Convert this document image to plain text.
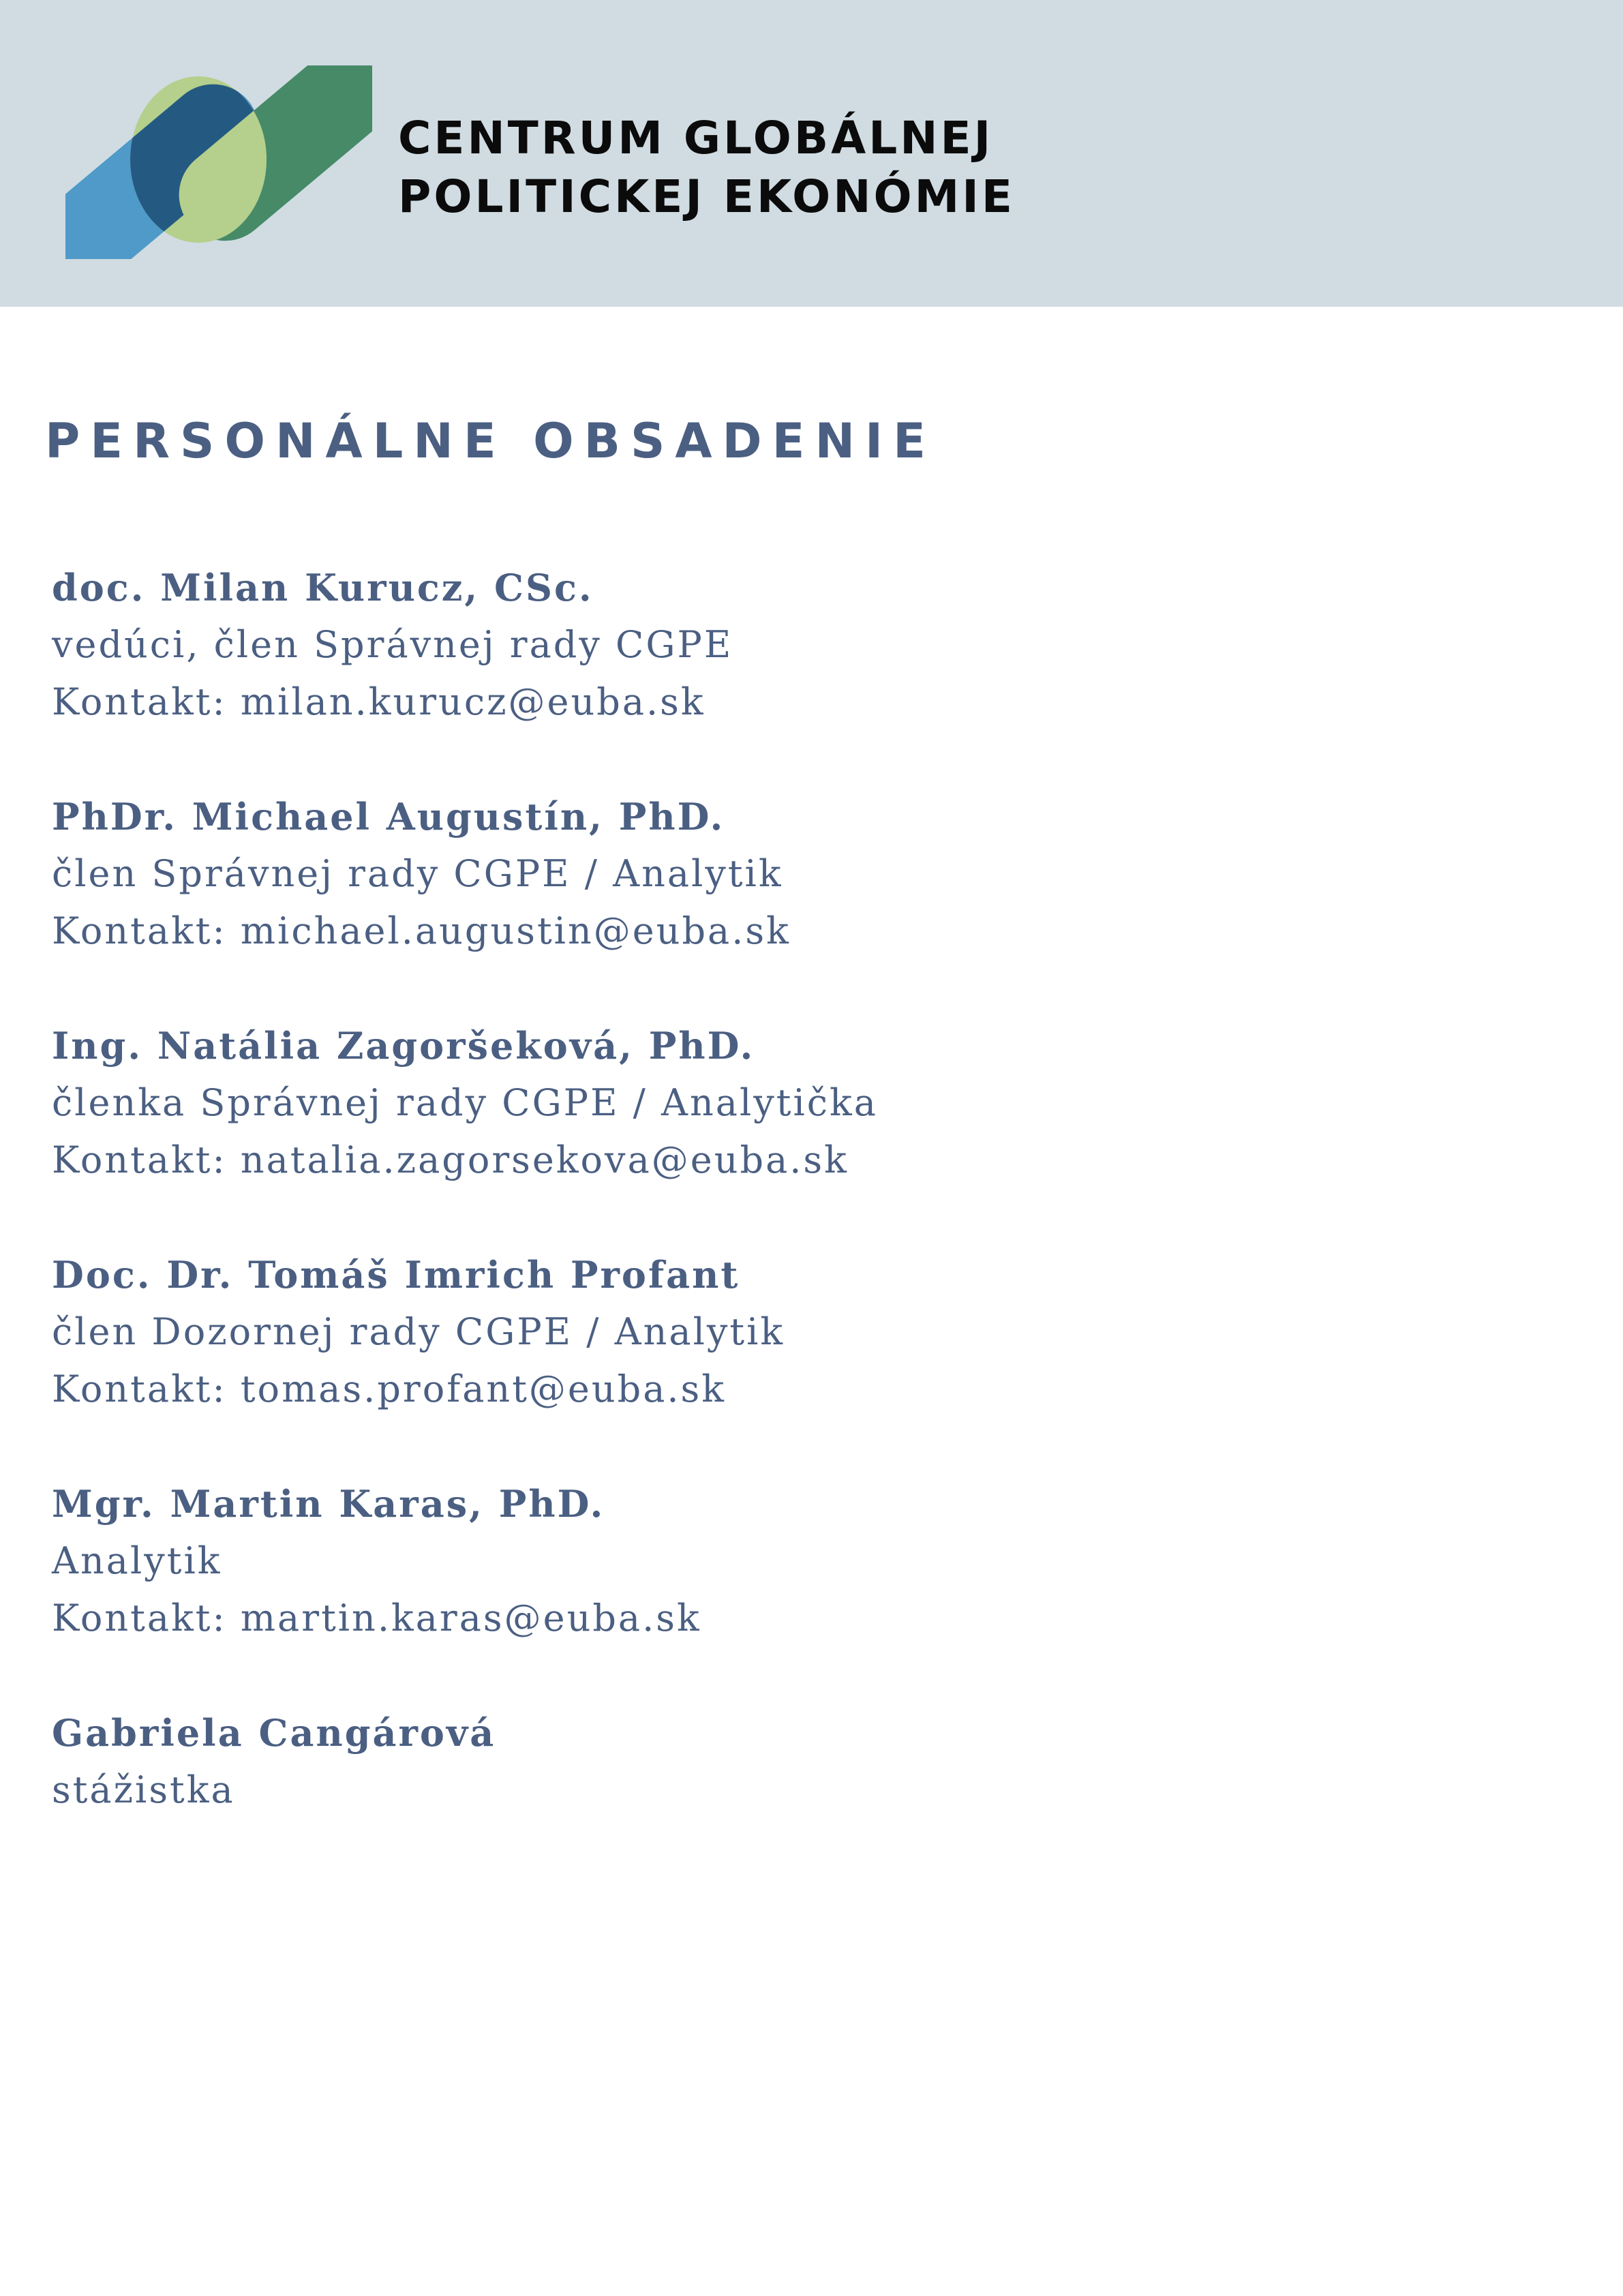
CENTRUM GLOBÁLNEJ
POLITICKEJ EKONÓMIE
PERSONÁLNE OBSADENIE
doc. Milan Kurucz, CSc.
vedúci, člen Správnej rady CGPE
Kontakt: milan.kurucz@euba.sk
PhDr. Michael Augustín, PhD.
člen Správnej rady CGPE / Analytik
Kontakt: michael.augustin@euba.sk
Ing. Natália Zagoršeková, PhD.
členka Správnej rady CGPE / Analytička
Kontakt: natalia.zagorsekova@euba.sk
Doc. Dr. Tomáš Imrich Profant
člen Dozornej rady CGPE / Analytik
Kontakt: tomas.profant@euba.sk
Mgr. Martin Karas, PhD.
Analytik
Kontakt: martin.karas@euba.sk
Gabriela Cangárová
stážistka
